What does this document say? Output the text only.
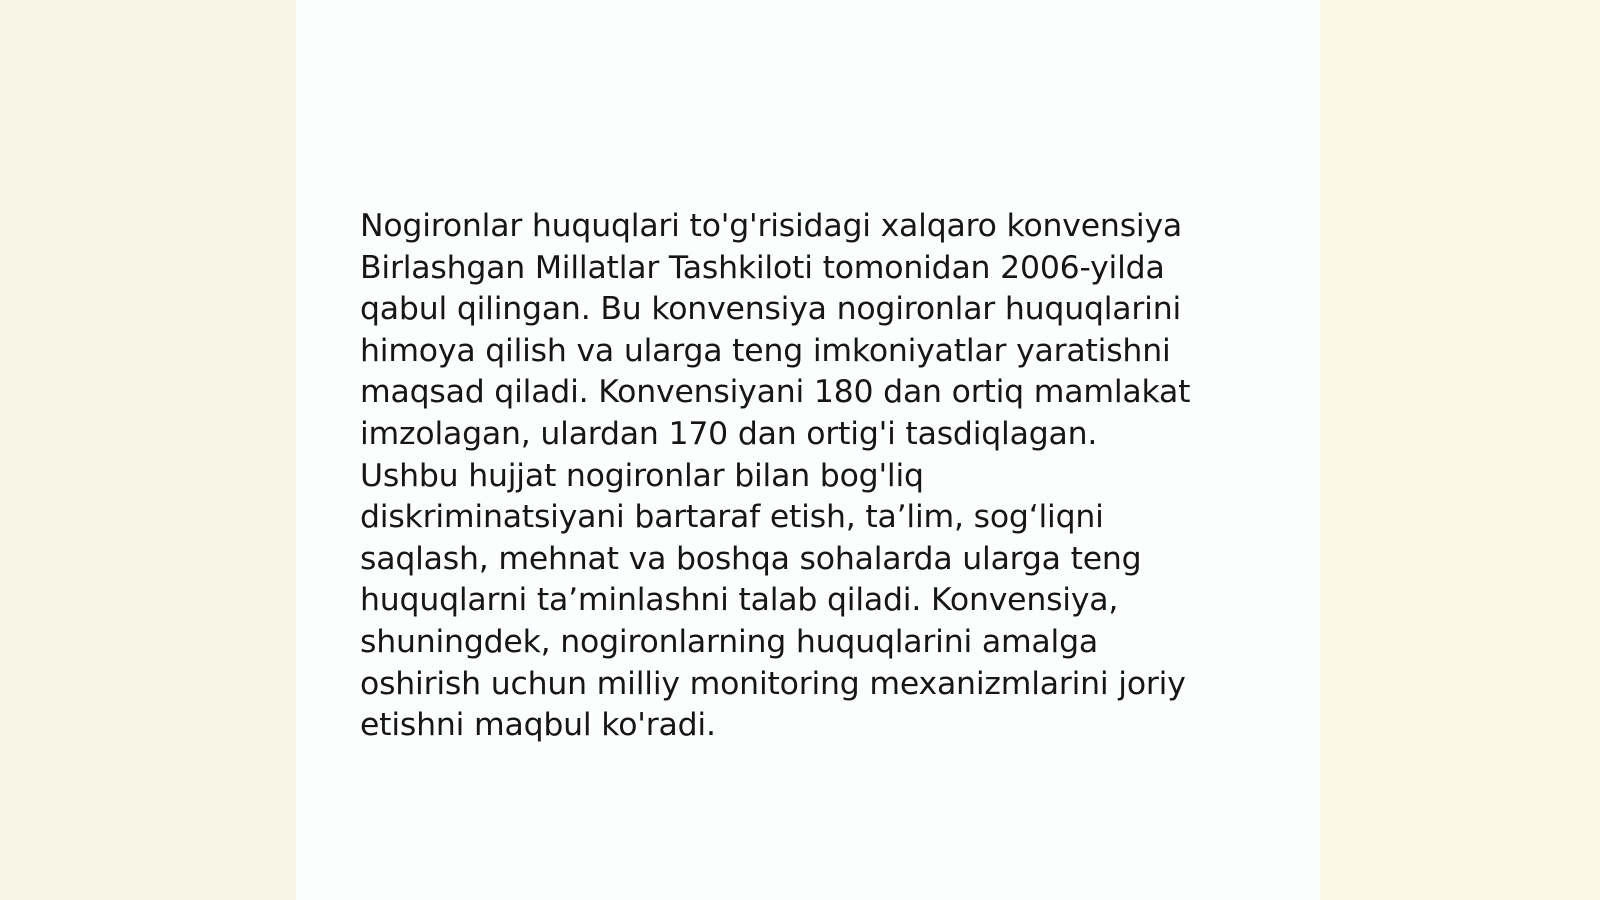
Nogironlar huquqlari to'g'risidagi xalqaro konvensiya
Birlashgan Millatlar Tashkiloti tomonidan 2006-yilda
qabul qilingan. Bu konvensiya nogironlar huquqlarini
himoya qilish va ularga teng imkoniyatlar yaratishni
maqsad qiladi. Konvensiyani 180 dan ortiq mamlakat
imzolagan, ulardan 170 dan ortig'i tasdiqlagan.
Ushbu hujjat nogironlar bilan bog'liq
diskriminatsiyani bartaraf etish, ta’lim, sog‘liqni
saqlash, mehnat va boshqa sohalarda ularga teng
huquqlarni ta’minlashni talab qiladi. Konvensiya,
shuningdek, nogironlarning huquqlarini amalga
oshirish uchun milliy monitoring mexanizmlarini joriy
etishni maqbul ko'radi.
